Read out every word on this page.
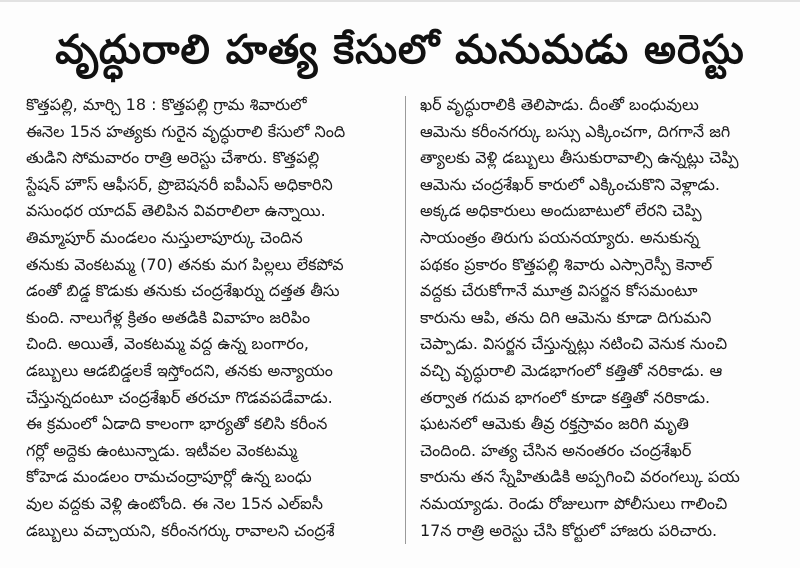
వృద్ధురాలి హత్య కేసులో మనుమడు అరెస్టు
కొత్తపల్లి, మార్చి 18 : కొత్తపల్లి గ్రామ శివారులో
ఈనెల 15న హత్యకు గురైన వృద్ధురాలి కేసులో నింది
తుడిని సోమవారం రాత్రి అరెస్టు చేశారు. కొత్తపల్లి
స్టేషన్ హౌస్ ఆఫీసర్, ప్రొబెషనరీ ఐపీఎస్ అధికారిని
వసుంధర యాదవ్ తెలిపిన వివరాలిలా ఉన్నాయి.
తిమ్మాపూర్ మండలం నుస్తులాపూర్కు చెందిన
తనుకు వెంకటమ్మ (70) తనకు మగ పిల్లలు లేకపోవ
డంతో బిడ్డ కొడుకు తనుకు చంద్రశేఖర్ను దత్తత తీసు
కుంది. నాలుగేళ్ల క్రితం అతడికి వివాహం జరిపిం
చింది. అయితే, వెంకటమ్మ వద్ద ఉన్న బంగారం,
డబ్బులు ఆడబిడ్డలకే ఇస్తోందని, తనకు అన్యాయం
చేస్తున్నదంటూ చంద్రశేఖర్ తరచూ గొడవపడేవాడు.
ఈ క్రమంలో ఏడాది కాలంగా భార్యతో కలిసి కరీంన
గర్లో అద్దెకు ఉంటున్నాడు. ఇటీవల వెంకటమ్మ
కోహెడ మండలం రామచంద్రాపూర్లో ఉన్న బంధు
వుల వద్దకు వెళ్లి ఉంటోంది. ఈ నెల 15న ఎల్ఐసీ
డబ్బులు వచ్చాయని, కరీంనగర్కు రావాలని చంద్రశే
ఖర్ వృద్ధురాలికి తెలిపాడు. దీంతో బంధువులు
ఆమెను కరీంనగర్కు బస్సు ఎక్కించగా, దిగగానే జగి
త్యాలకు వెళ్లి డబ్బులు తీసుకురావాల్సి ఉన్నట్లు చెప్పి
ఆమెను చంద్రశేఖర్ కారులో ఎక్కించుకొని వెళ్లాడు.
అక్కడ అధికారులు అందుబాటులో లేరని చెప్పి
సాయంత్రం తిరుగు పయనయ్యారు. అనుకున్న
పథకం ప్రకారం కొత్తపల్లి శివారు ఎస్సారెస్పీ కెనాల్
వద్దకు చేరుకోగానే మూత్ర విసర్జన కోసమంటూ
కారును ఆపి, తను దిగి ఆమెను కూడా దిగుమని
చెప్పాడు. విసర్జన చేస్తున్నట్లు నటించి వెనుక నుంచి
వచ్చి వృద్ధురాలి మెడభాగంలో కత్తితో నరికాడు. ఆ
తర్వాత గదువ భాగంలో కూడా కత్తితో నరికాడు.
ఘటనలో ఆమెకు తీవ్ర రక్తస్రావం జరిగి మృతి
చెందింది. హత్య చేసిన అనంతరం చంద్రశేఖర్
కారును తన స్నేహితుడికి అప్పగించి వరంగల్కు పయ
నమయ్యాడు. రెండు రోజులుగా పోలీసులు గాలించి
17న రాత్రి అరెస్టు చేసి కోర్టులో హాజరు పరిచారు.
